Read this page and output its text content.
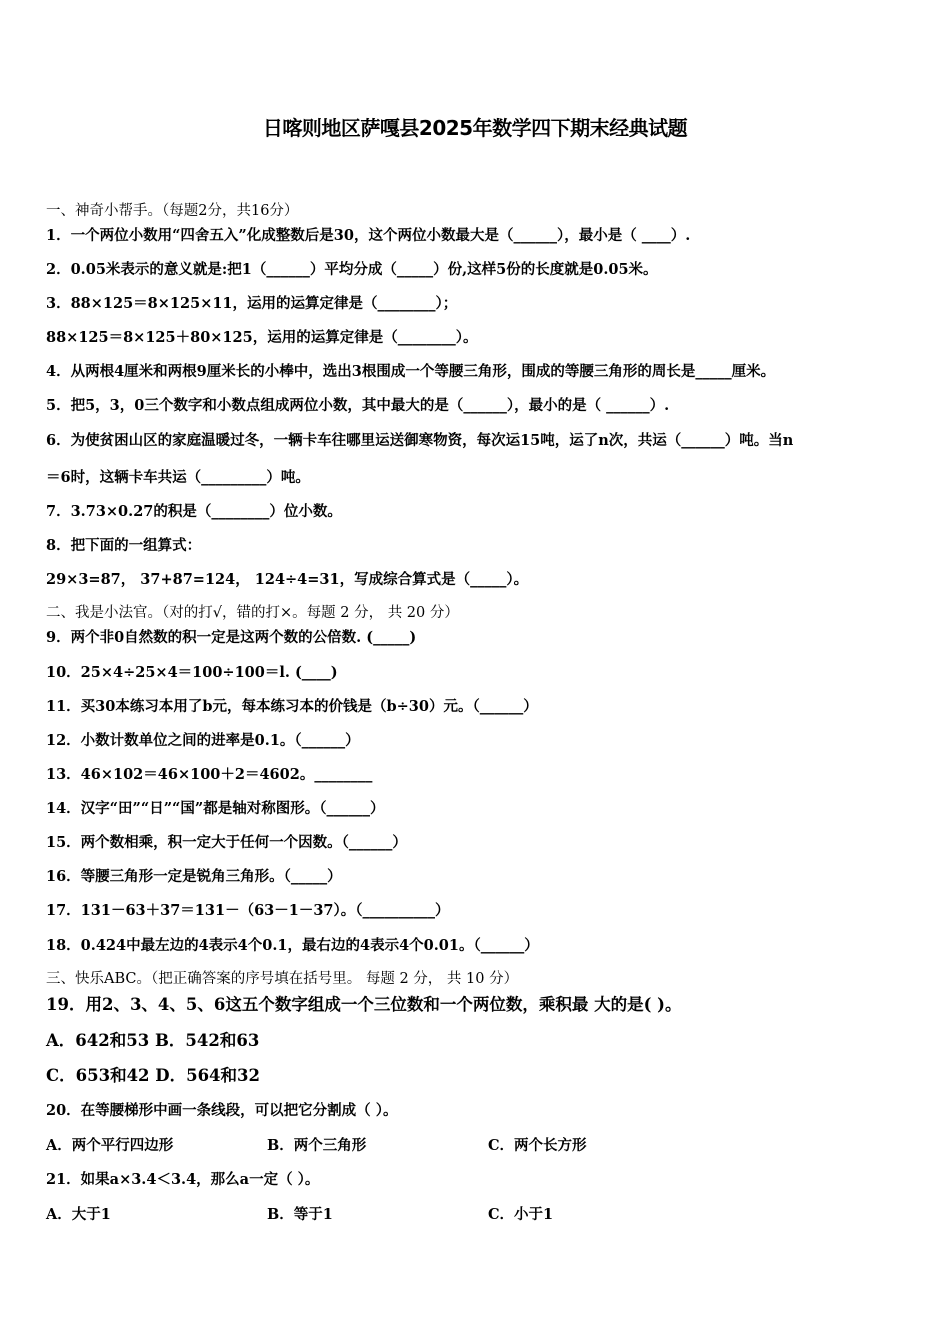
日喀则地区萨嘎县2025年数学四下期末经典试题
一、神奇小帮手。（每题2分，共16分）
1．一个两位小数用“四舍五入”化成整数后是30，这个两位小数最大是（______），最小是（ ____）.
2．0.05米表示的意义就是:把1（______）平均分成（_____）份,这样5份的长度就是0.05米。
3．88×125＝8×125×11，运用的运算定律是（________）；
88×125＝8×125＋80×125，运用的运算定律是（________）。
4．从两根4厘米和两根9厘米长的小棒中，选出3根围成一个等腰三角形，围成的等腰三角形的周长是_____厘米。
5．把5，3，0三个数字和小数点组成两位小数，其中最大的是（______），最小的是（ ______）.
6．为使贫困山区的家庭温暖过冬，一辆卡车往哪里运送御寒物资，每次运15吨，运了n次，共运（______）吨。当n
＝6时，这辆卡车共运（_________）吨。
7．3.73×0.27的积是（________）位小数。
8．把下面的一组算式：
29×3=87， 37+87=124， 124÷4=31，写成综合算式是（_____）。
二、我是小法官。（对的打√，错的打×。每题 2 分， 共 20 分）
9．两个非0自然数的积一定是这两个数的公倍数. (_____)
10．25×4÷25×4＝100÷100＝l. (____)
11．买30本练习本用了b元，每本练习本的价钱是（b÷30）元。（______）
12．小数计数单位之间的进率是0.1。（______）
13．46×102＝46×100＋2＝4602。________
14．汉字“田”“日”“国”都是轴对称图形。（______）
15．两个数相乘，积一定大于任何一个因数。（______）
16．等腰三角形一定是锐角三角形。（_____）
17．131－63＋37＝131－（63－1－37）。（__________）
18．0.424中最左边的4表示4个0.1，最右边的4表示4个0.01。（______）
三、快乐ABC。（把正确答案的序号填在括号里。 每题 2 分， 共 10 分）
19．用2、3、4、5、6这五个数字组成一个三位数和一个两位数，乘积最 大的是( )。
A．642和53 B．542和63
C．653和42 D．564和32
20．在等腰梯形中画一条线段，可以把它分割成（ ）。
A．两个平行四边形	B．两个三角形	C．两个长方形
21．如果a×3.4＜3.4，那么a一定（ ）。
A．大于1	B．等于1	C．小于1
